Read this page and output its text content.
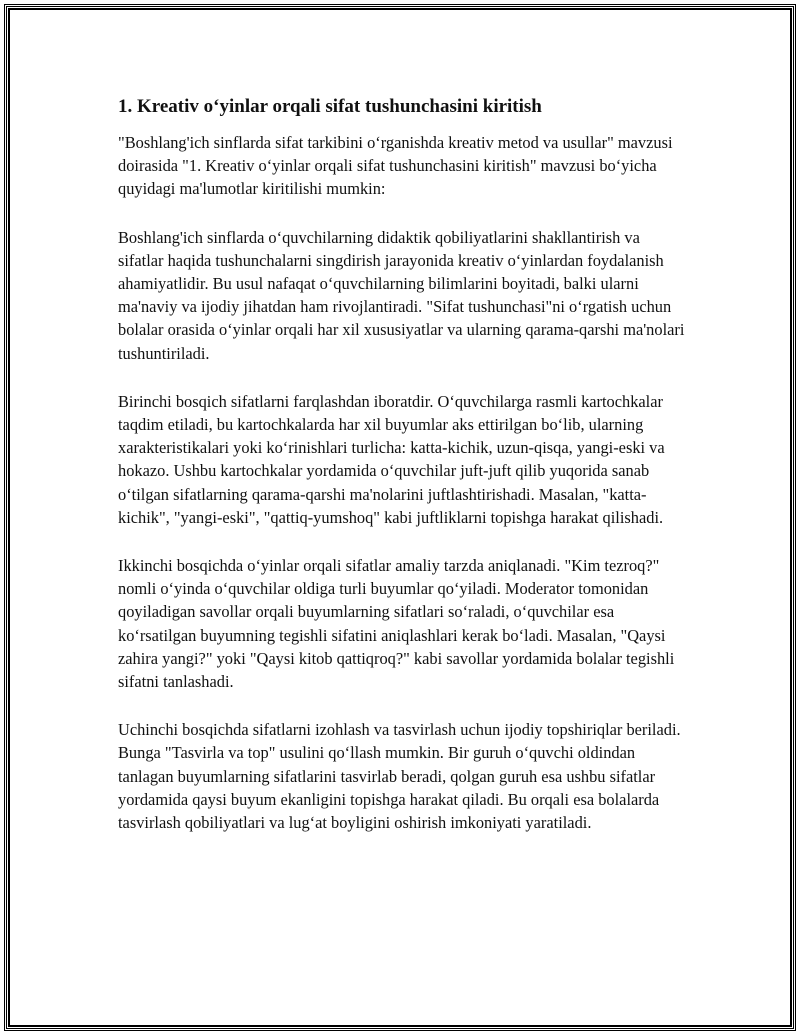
1. Kreativ o‘yinlar orqali sifat tushunchasini kiritish

"Boshlang'ich sinflarda sifat tarkibini o‘rganishda kreativ metod va usullar" mavzusi doirasida "1. Kreativ o‘yinlar orqali sifat tushunchasini kiritish" mavzusi bo‘yicha quyidagi ma'lumotlar kiritilishi mumkin:

Boshlang'ich sinflarda o‘quvchilarning didaktik qobiliyatlarini shakllantirish va sifatlar haqida tushunchalarni singdirish jarayonida kreativ o‘yinlardan foydalanish ahamiyatlidir. Bu usul nafaqat o‘quvchilarning bilimlarini boyitadi, balki ularni ma'naviy va ijodiy jihatdan ham rivojlantiradi. "Sifat tushunchasi"ni o‘rgatish uchun bolalar orasida o‘yinlar orqali har xil xususiyatlar va ularning qarama-qarshi ma'nolari tushuntiriladi.

Birinchi bosqich sifatlarni farqlashdan iboratdir. O‘quvchilarga rasmli kartochkalar taqdim etiladi, bu kartochkalarda har xil buyumlar aks ettirilgan bo‘lib, ularning xarakteristikalari yoki ko‘rinishlari turlicha: katta-kichik, uzun-qisqa, yangi-eski va hokazo. Ushbu kartochkalar yordamida o‘quvchilar juft-juft qilib yuqorida sanab o‘tilgan sifatlarning qarama-qarshi ma'nolarini juftlashtirishadi. Masalan, "katta-kichik", "yangi-eski", "qattiq-yumshoq" kabi juftliklarni topishga harakat qilishadi.

Ikkinchi bosqichda o‘yinlar orqali sifatlar amaliy tarzda aniqlanadi. "Kim tezroq?" nomli o‘yinda o‘quvchilar oldiga turli buyumlar qo‘yiladi. Moderator tomonidan qoyiladigan savollar orqali buyumlarning sifatlari so‘raladi, o‘quvchilar esa ko‘rsatilgan buyumning tegishli sifatini aniqlashlari kerak bo‘ladi. Masalan, "Qaysi zahira yangi?" yoki "Qaysi kitob qattiqroq?" kabi savollar yordamida bolalar tegishli sifatni tanlashadi.

Uchinchi bosqichda sifatlarni izohlash va tasvirlash uchun ijodiy topshiriqlar beriladi. Bunga "Tasvirla va top" usulini qo‘llash mumkin. Bir guruh o‘quvchi oldindan tanlagan buyumlarning sifatlarini tasvirlab beradi, qolgan guruh esa ushbu sifatlar yordamida qaysi buyum ekanligini topishga harakat qiladi. Bu orqali esa bolalarda tasvirlash qobiliyatlari va lug‘at boyligini oshirish imkoniyati yaratiladi.
